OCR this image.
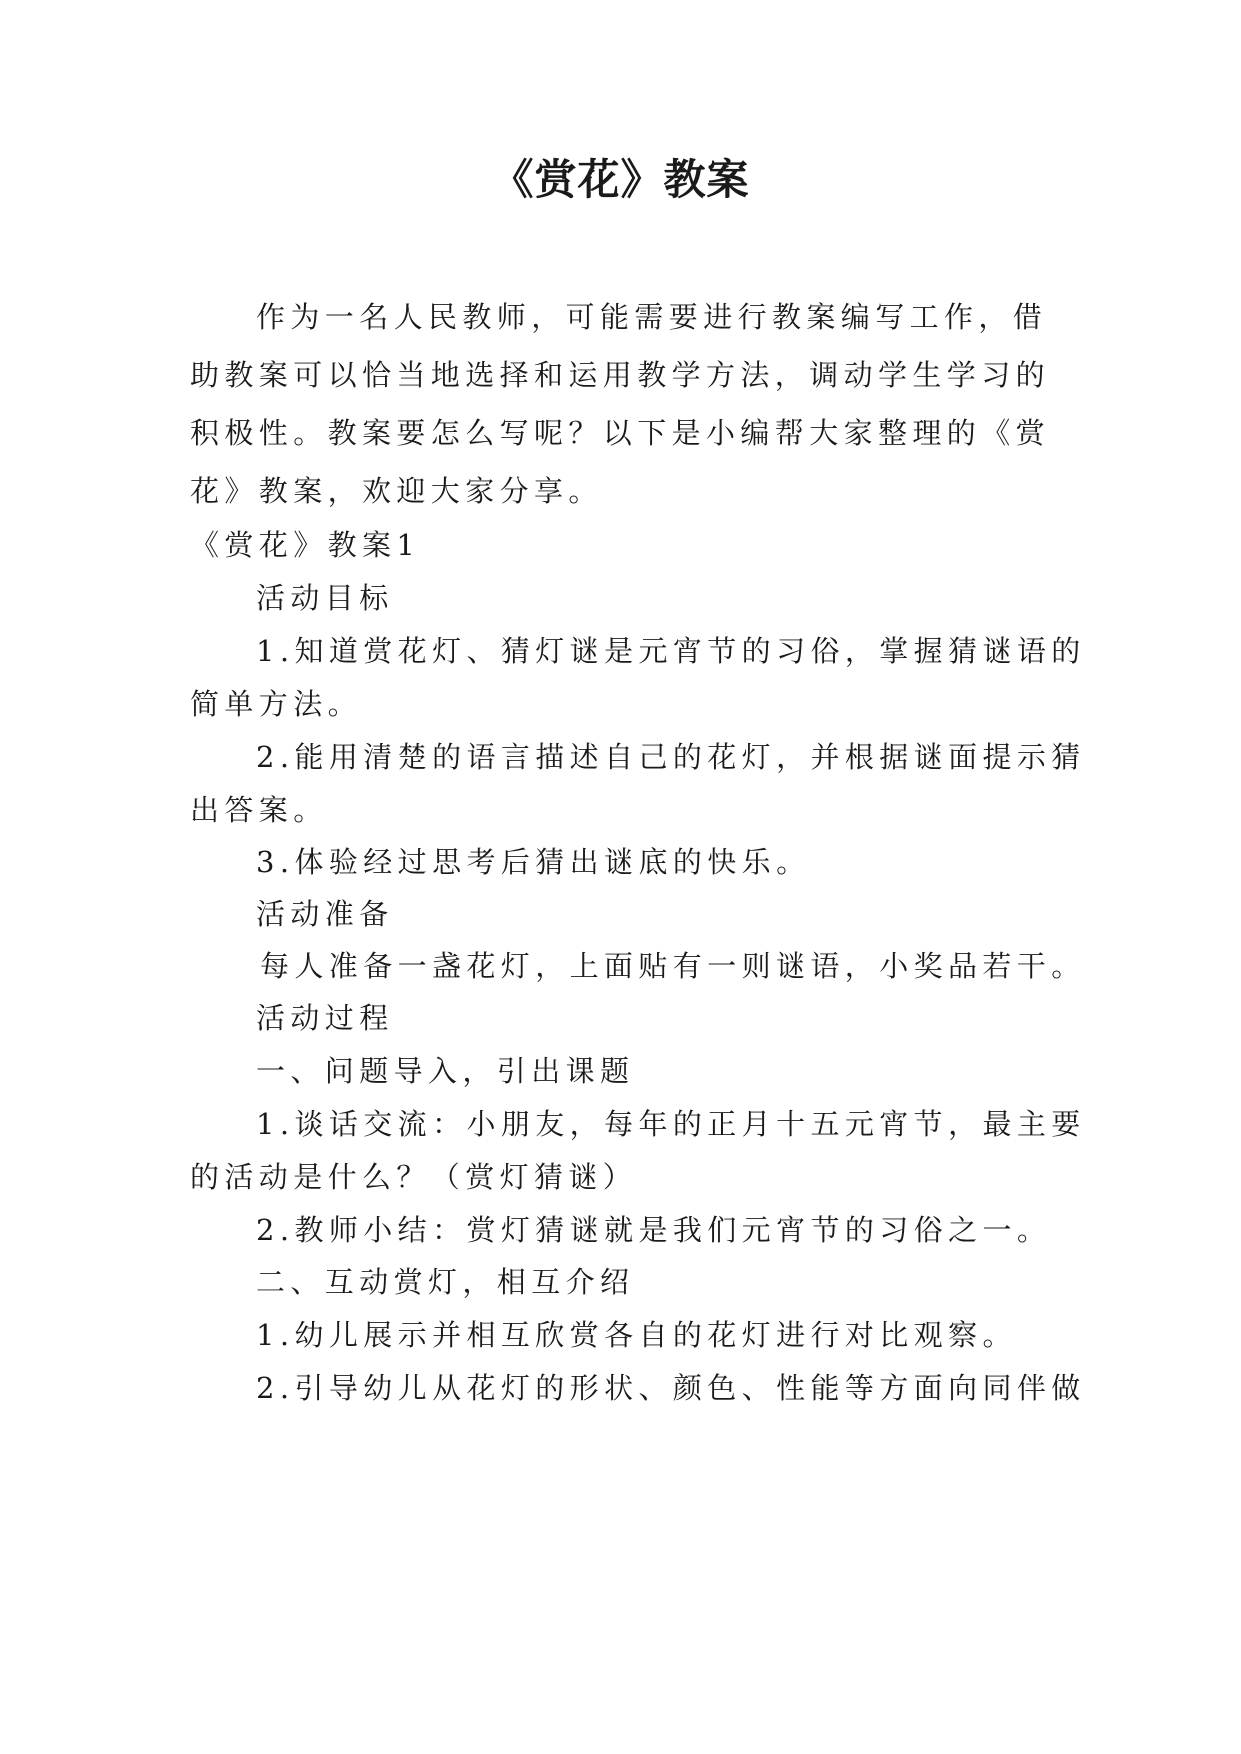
《赏花》教案
作为一名人民教师，可能需要进行教案编写工作，借助教案可以恰当地选择和运用教学方法，调动学生学习的积极性。教案要怎么写呢？以下是小编帮大家整理的《赏花》教案，欢迎大家分享。
《赏花》教案1
活动目标
1.知道赏花灯、猜灯谜是元宵节的习俗，掌握猜谜语的
简单方法。
2.能用清楚的语言描述自己的花灯，并根据谜面提示猜
出答案。
3.体验经过思考后猜出谜底的快乐。
活动准备
每人准备一盏花灯，上面贴有一则谜语，小奖品若干。
活动过程
一、问题导入，引出课题
1.谈话交流：小朋友，每年的正月十五元宵节，最主要
的活动是什么？（赏灯猜谜）
2.教师小结：赏灯猜谜就是我们元宵节的习俗之一。
二、互动赏灯，相互介绍
1.幼儿展示并相互欣赏各自的花灯进行对比观察。
2.引导幼儿从花灯的形状、颜色、性能等方面向同伴做
